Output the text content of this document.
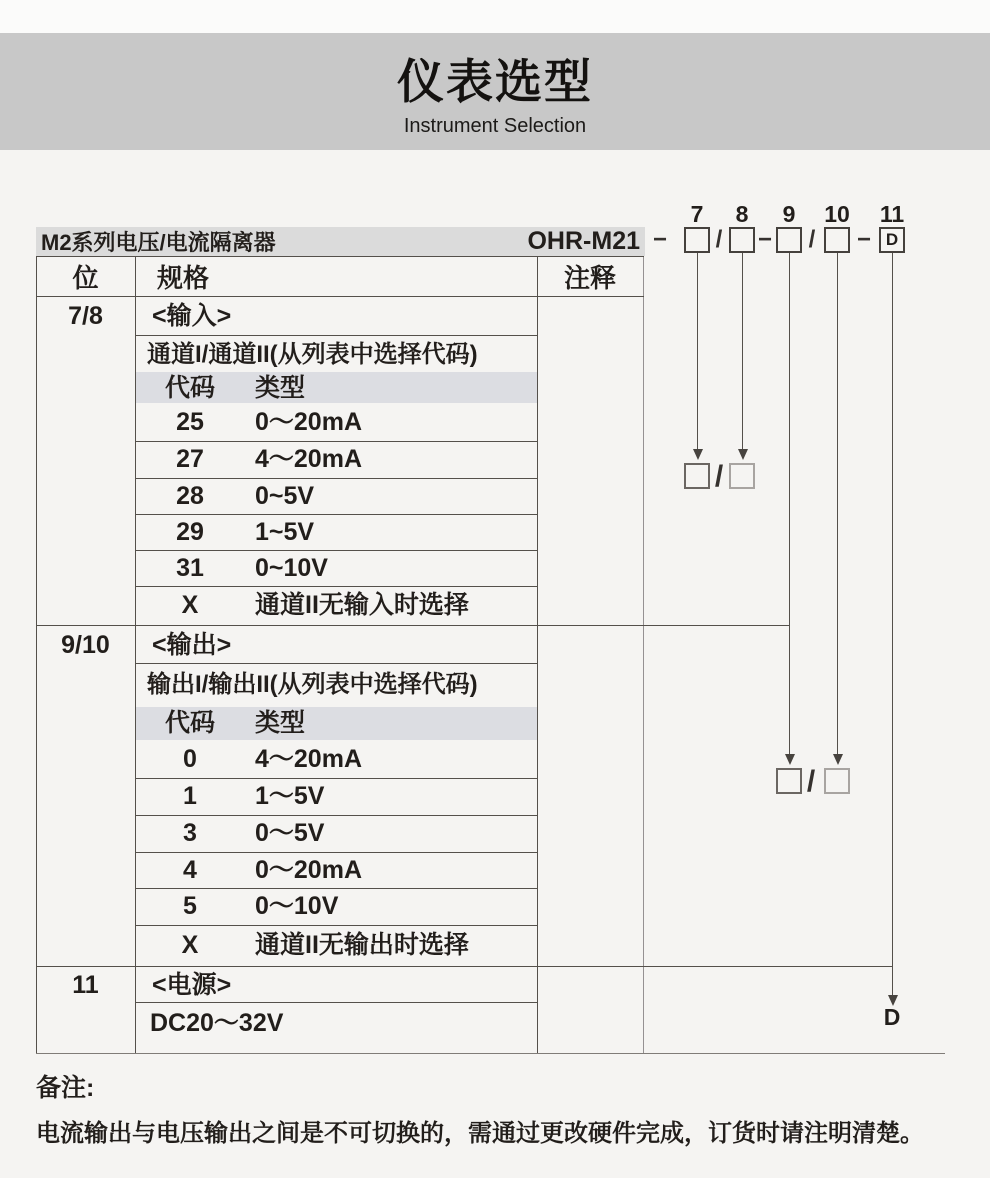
仪表选型
Instrument Selection
M2系列电压/电流隔离器	OHR-M21
7	8	9	10	11
− / − / − D
/
/
D
位	规格	注释
7/8	<输入>
通道I/通道II(从列表中选择代码)
代码	类型
25	0～20mA
27	4～20mA
28	0~5V
29	1~5V
31	0~10V
X	通道II无输入时选择
9/10	<输出>
输出I/输出II(从列表中选择代码)
代码	类型
0	4～20mA
1	1～5V
3	0～5V
4	0～20mA
5	0～10V
X	通道II无输出时选择
11	<电源>
DC20～32V
备注:
电流输出与电压输出之间是不可切换的，需通过更改硬件完成，订货时请注明清楚。
